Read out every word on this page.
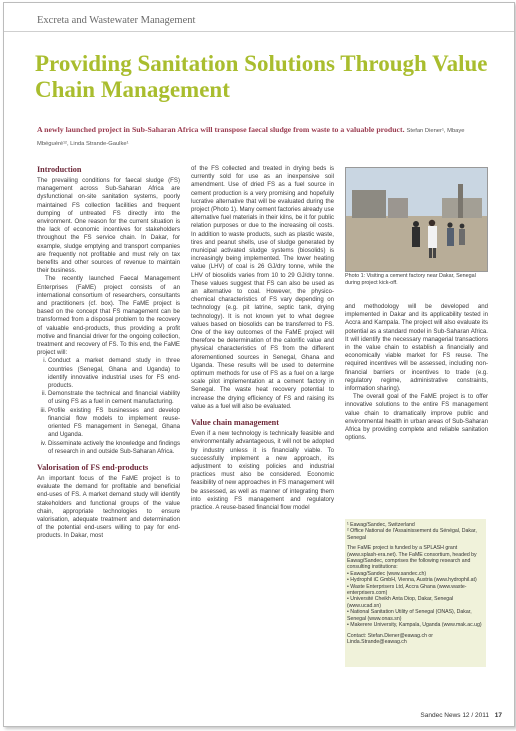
Excreta and Wastewater Management
Providing Sanitation Solutions Through Value Chain Management
A newly launched project in Sub-Saharan Africa will transpose faecal sludge from waste to a valuable product. Stefan Diener¹, Mbaye Mbéguéré¹², Linda Strande-Gaulke¹
Introduction

The prevailing conditions for faecal sludge (FS) management across Sub-Saharan Africa are dysfunctional on-site sanitation systems, poorly maintained FS collection facilities and frequent dumping of untreated FS directly into the environment. One reason for the current situation is the lack of economic incentives for stakeholders throughout the FS service chain. In Dakar, for example, sludge emptying and transport companies are frequently not profitable and must rely on tax benefits and other sources of revenue to maintain their business.

The recently launched Faecal Management Enterprises (FaME) project consists of an international consortium of researchers, consultants and practitioners (cf. box). The FaME project is based on the concept that FS management can be transformed from a disposal problem to the recovery of valuable end-products, thus providing a profit motive and financial driver for the ongoing collection, treatment and recovery of FS. To this end, the FaME project will:

i. Conduct a market demand study in three countries (Senegal, Ghana and Uganda) to identify innovative industrial uses for FS end-products.
ii. Demonstrate the technical and financial viability of using FS as a fuel in cement manufacturing.
iii. Profile existing FS businesses and develop financial flow models to implement reuse-oriented FS management in Senegal, Ghana and Uganda.
iv. Disseminate actively the knowledge and findings of research in and outside Sub-Saharan Africa.
Valorisation of FS end-products

An important focus of the FaME project is to evaluate the demand for profitable and beneficial end-uses of FS. A market demand study will identify stakeholders and functional groups of the value chain, appropriate technologies to ensure valorisation, adequate treatment and determination of the potential end-users willing to pay for end-products. In Dakar, most

of the FS collected and treated in drying beds is currently sold for use as an inexpensive soil amendment. Use of dried FS as a fuel source in cement production is a very promising and hopefully lucrative alternative that will be evaluated during the project (Photo 1). Many cement factories already use alternative fuel materials in their kilns, be it for public relation purposes or due to the increasing oil costs. In addition to waste products, such as plastic waste, tires and peanut shells, use of sludge generated by municipal activated sludge systems (biosolids) is increasingly being implemented. The lower heating value (LHV) of coal is 26 GJ/dry tonne, while the LHV of biosolids varies from 10 to 29 GJ/dry tonne. These values suggest that FS can also be used as an alternative to coal. However, the physico-chemical characteristics of FS vary depending on technology (e.g. pit latrine, septic tank, drying technology). It is not known yet to what degree values based on biosolids can be transferred to FS. One of the key outcomes of the FaME project will therefore be determination of the calorific value and physical characteristics of FS from the different aforementioned sources in Senegal, Ghana and Uganda. These results will be used to determine optimum methods for use of FS as a fuel on a large scale pilot implementation at a cement factory in Senegal. The waste heat recovery potential to increase the drying efficiency of FS and raising its value as a fuel will also be evaluated.

Value chain management

Even if a new technology is technically feasible and environmentally advantageous, it will not be adopted by industry unless it is financially viable. To successfully implement a new approach, its adjustment to existing policies and industrial practices must also be considered. Economic feasibility of new approaches in FS management will be assessed, as well as manner of integrating them into existing FS management and regulatory practice. A reuse-based financial flow model

Photo 1: Visiting a cement factory near Dakar, Senegal during project kick-off.

and methodology will be developed and implemented in Dakar and its applicability tested in Accra and Kampala. The project will also evaluate its potential as a standard model in Sub-Saharan Africa. It will identify the necessary managerial transactions in the value chain to establish a financially and economically viable market for FS reuse. The required incentives will be assessed, including non-financial barriers or incentives to trade (e.g. regulatory regime, administrative constraints, information sharing).

The overall goal of the FaME project is to offer innovative solutions to the entire FS management value chain to dramatically improve public and environmental health in urban areas of Sub-Saharan Africa by providing complete and reliable sanitation options.

¹ Eawag/Sandec, Switzerland
² Office National de l'Assainissement du Sénégal, Dakar, Senegal
The FaME project is funded by a SPLASH grant (www.splash-era.net). The FaME consortium, headed by Eawag/Sandec, comprises the following research and consulting institutions:
• Eawag/Sandec (www.sandec.ch)
• Hydrophil iC GmbH, Vienna, Austria (www.hydrophil.at)
• Waste Enterprisers Ltd, Accra Ghana (www.waste-enterprisers.com)
• Université Cheikh Anta Diop, Dakar, Senegal (www.ucad.sn)
• National Sanitation Utility of Senegal (ONAS), Dakar, Senegal (www.onas.sn)
• Makerere University, Kampala, Uganda (www.mak.ac.ug)
Contact: Stefan.Diener@eawag.ch or Linda.Strande@eawag.ch
Sandec News 12 / 2011 17
